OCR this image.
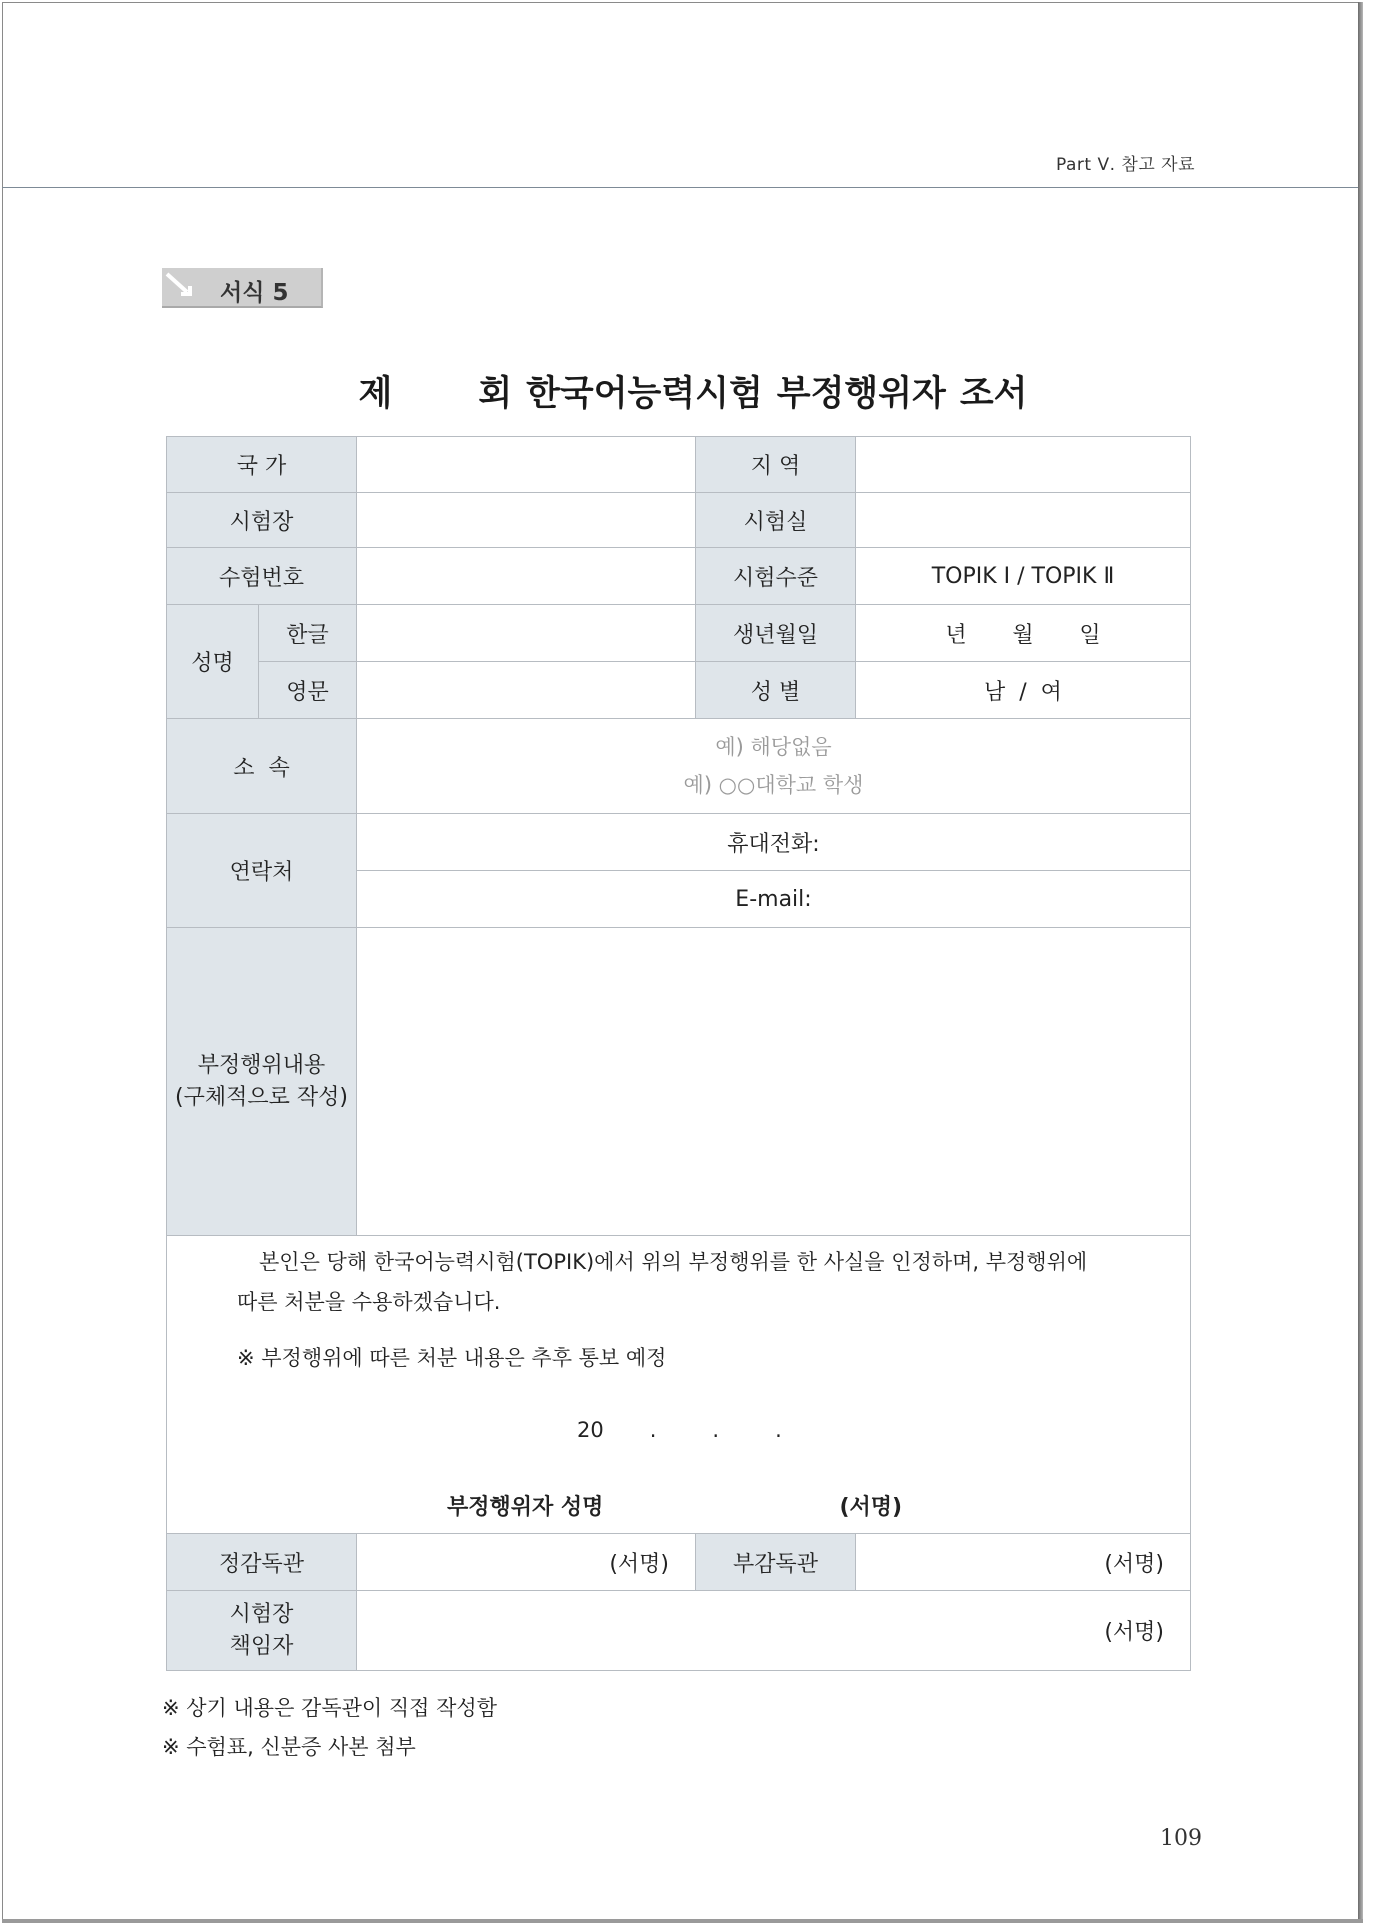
Part Ⅴ. 참고 자료
서식 5
제 회 한국어능력시험 부정행위자 조서
국 가			지 역	
시험장			시험실	
수험번호			시험수준	TOPIK Ⅰ / TOPIK Ⅱ
성명	한글		생년월일	년 월 일
	영문		성 별	남  /  여
소  속		예) 해당없음
예) ○○대학교 학생		

연락처		휴대전화:		
		E-mail:		

부정행위내용
(구체적으로 작성)				

본인은 당해 한국어능력시험(TOPIK)에서 위의 부정행위를 한 사실을 인정하며, 부정행위에
따른 처분을 수용하겠습니다.
※ 부정행위에 따른 처분 내용은 추후 통보 예정
20 . . .
부정행위자 성명 (서명)				

정감독관		(서명)	부감독관	(서명)

시험장
책임자		(서명)		
※ 상기 내용은 감독관이 직접 작성함
※ 수험표, 신분증 사본 첨부
109
